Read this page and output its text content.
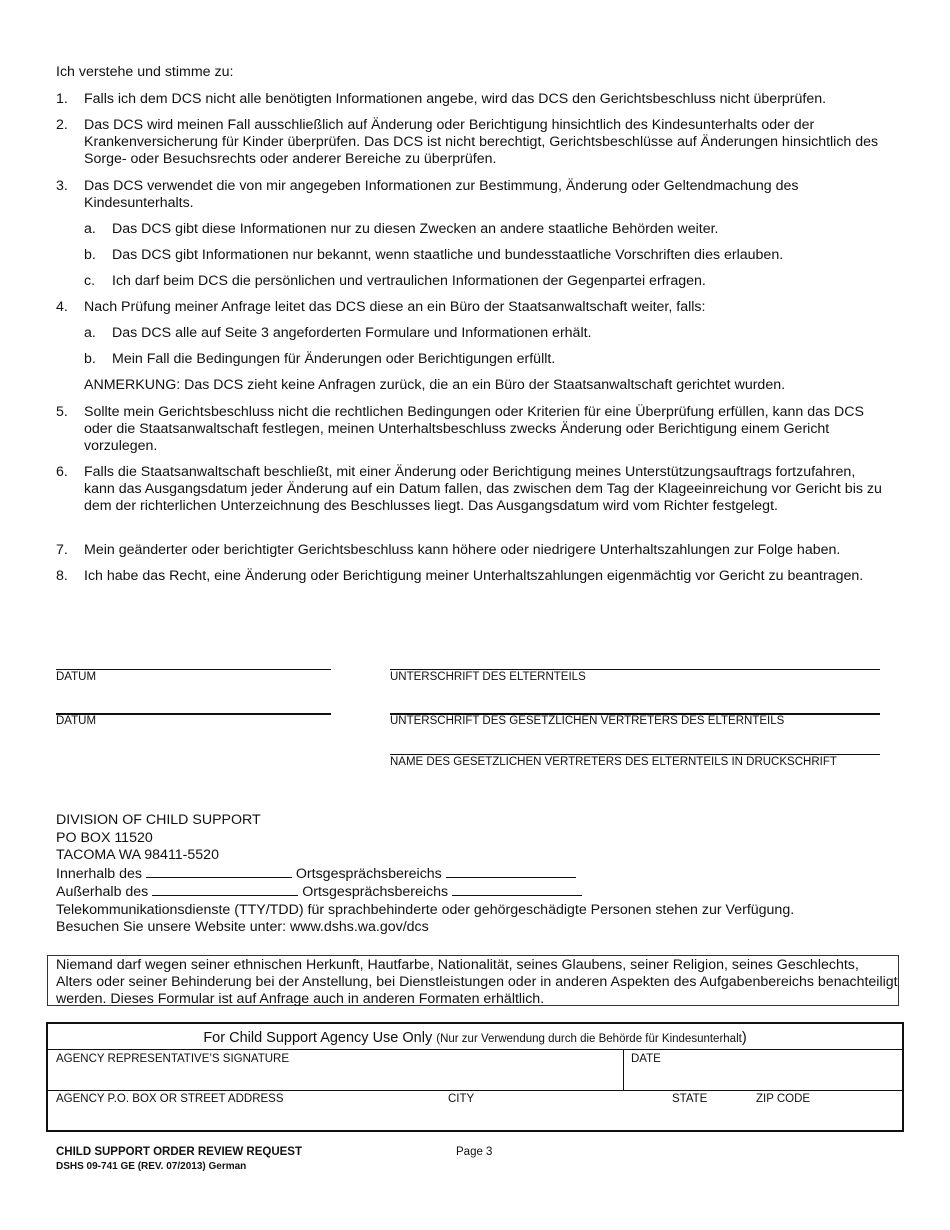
Ich verstehe und stimme zu:
1. Falls ich dem DCS nicht alle benötigten Informationen angebe, wird das DCS den Gerichtsbeschluss nicht überprüfen.
2. Das DCS wird meinen Fall ausschließlich auf Änderung oder Berichtigung hinsichtlich des Kindesunterhalts oder der Krankenversicherung für Kinder überprüfen. Das DCS ist nicht berechtigt, Gerichtsbeschlüsse auf Änderungen hinsichtlich des Sorge- oder Besuchsrechts oder anderer Bereiche zu überprüfen.
3. Das DCS verwendet die von mir angegeben Informationen zur Bestimmung, Änderung oder Geltendmachung des Kindesunterhalts.
a. Das DCS gibt diese Informationen nur zu diesen Zwecken an andere staatliche Behörden weiter.
b. Das DCS gibt Informationen nur bekannt, wenn staatliche und bundesstaatliche Vorschriften dies erlauben.
c. Ich darf beim DCS die persönlichen und vertraulichen Informationen der Gegenpartei erfragen.
4. Nach Prüfung meiner Anfrage leitet das DCS diese an ein Büro der Staatsanwaltschaft weiter, falls:
a. Das DCS alle auf Seite 3 angeforderten Formulare und Informationen erhält.
b. Mein Fall die Bedingungen für Änderungen oder Berichtigungen erfüllt.
ANMERKUNG: Das DCS zieht keine Anfragen zurück, die an ein Büro der Staatsanwaltschaft gerichtet wurden.
5. Sollte mein Gerichtsbeschluss nicht die rechtlichen Bedingungen oder Kriterien für eine Überprüfung erfüllen, kann das DCS oder die Staatsanwaltschaft festlegen, meinen Unterhaltsbeschluss zwecks Änderung oder Berichtigung einem Gericht vorzulegen.
6. Falls die Staatsanwaltschaft beschließt, mit einer Änderung oder Berichtigung meines Unterstützungsauftrags fortzufahren, kann das Ausgangsdatum jeder Änderung auf ein Datum fallen, das zwischen dem Tag der Klageeinreichung vor Gericht bis zu dem der richterlichen Unterzeichnung des Beschlusses liegt. Das Ausgangsdatum wird vom Richter festgelegt.
7. Mein geänderter oder berichtigter Gerichtsbeschluss kann höhere oder niedrigere Unterhaltszahlungen zur Folge haben.
8. Ich habe das Recht, eine Änderung oder Berichtigung meiner Unterhaltszahlungen eigenmächtig vor Gericht zu beantragen.
DATUM	UNTERSCHRIFT DES ELTERNTEILS
DATUM	UNTERSCHRIFT DES GESETZLICHEN VERTRETERS DES ELTERNTEILS
NAME DES GESETZLICHEN VERTRETERS DES ELTERNTEILS IN DRUCKSCHRIFT
DIVISION OF CHILD SUPPORT
PO BOX 11520
TACOMA WA 98411-5520
Innerhalb des	Ortsgesprächsbereichs
Außerhalb des	Ortsgesprächsbereichs
Telekommunikationsdienste (TTY/TDD) für sprachbehinderte oder gehörgeschädigte Personen stehen zur Verfügung.
Besuchen Sie unsere Website unter: www.dshs.wa.gov/dcs
Niemand darf wegen seiner ethnischen Herkunft, Hautfarbe, Nationalität, seines Glaubens, seiner Religion, seines Geschlechts, Alters oder seiner Behinderung bei der Anstellung, bei Dienstleistungen oder in anderen Aspekten des Aufgabenbereichs benachteiligt werden. Dieses Formular ist auf Anfrage auch in anderen Formaten erhältlich.
For Child Support Agency Use Only (Nur zur Verwendung durch die Behörde für Kindesunterhalt)
AGENCY REPRESENTATIVE’S SIGNATURE	DATE
AGENCY P.O. BOX OR STREET ADDRESS	CITY	STATE	ZIP CODE
CHILD SUPPORT ORDER REVIEW REQUEST
DSHS 09-741 GE (REV. 07/2013) German
Page 3
